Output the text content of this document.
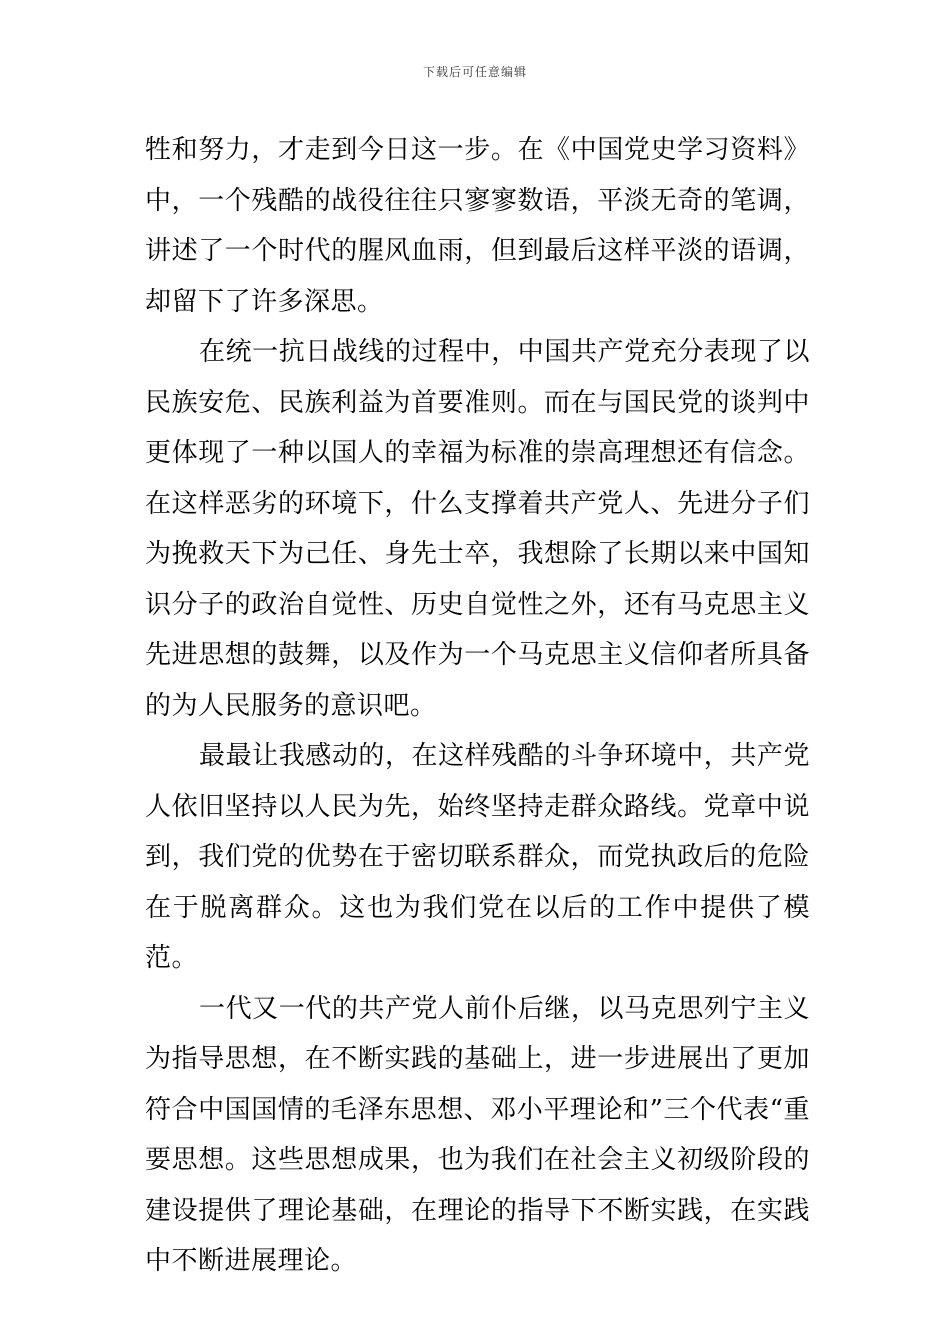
下载后可任意编辑

牲和努力，才走到今日这一步。在《中国党史学习资料》中，一个残酷的战役往往只寥寥数语，平淡无奇的笔调，讲述了一个时代的腥风血雨，但到最后这样平淡的语调，却留下了许多深思。

在统一抗日战线的过程中，中国共产党充分表现了以民族安危、民族利益为首要准则。而在与国民党的谈判中更体现了一种以国人的幸福为标准的崇高理想还有信念。在这样恶劣的环境下，什么支撑着共产党人、先进分子们为挽救天下为己任、身先士卒，我想除了长期以来中国知识分子的政治自觉性、历史自觉性之外，还有马克思主义先进思想的鼓舞，以及作为一个马克思主义信仰者所具备的为人民服务的意识吧。

最最让我感动的，在这样残酷的斗争环境中，共产党人依旧坚持以人民为先，始终坚持走群众路线。党章中说到，我们党的优势在于密切联系群众，而党执政后的危险在于脱离群众。这也为我们党在以后的工作中提供了模范。

一代又一代的共产党人前仆后继，以马克思列宁主义为指导思想，在不断实践的基础上，进一步进展出了更加符合中国国情的毛泽东思想、邓小平理论和”三个代表“重要思想。这些思想成果，也为我们在社会主义初级阶段的建设提供了理论基础，在理论的指导下不断实践，在实践中不断进展理论。
